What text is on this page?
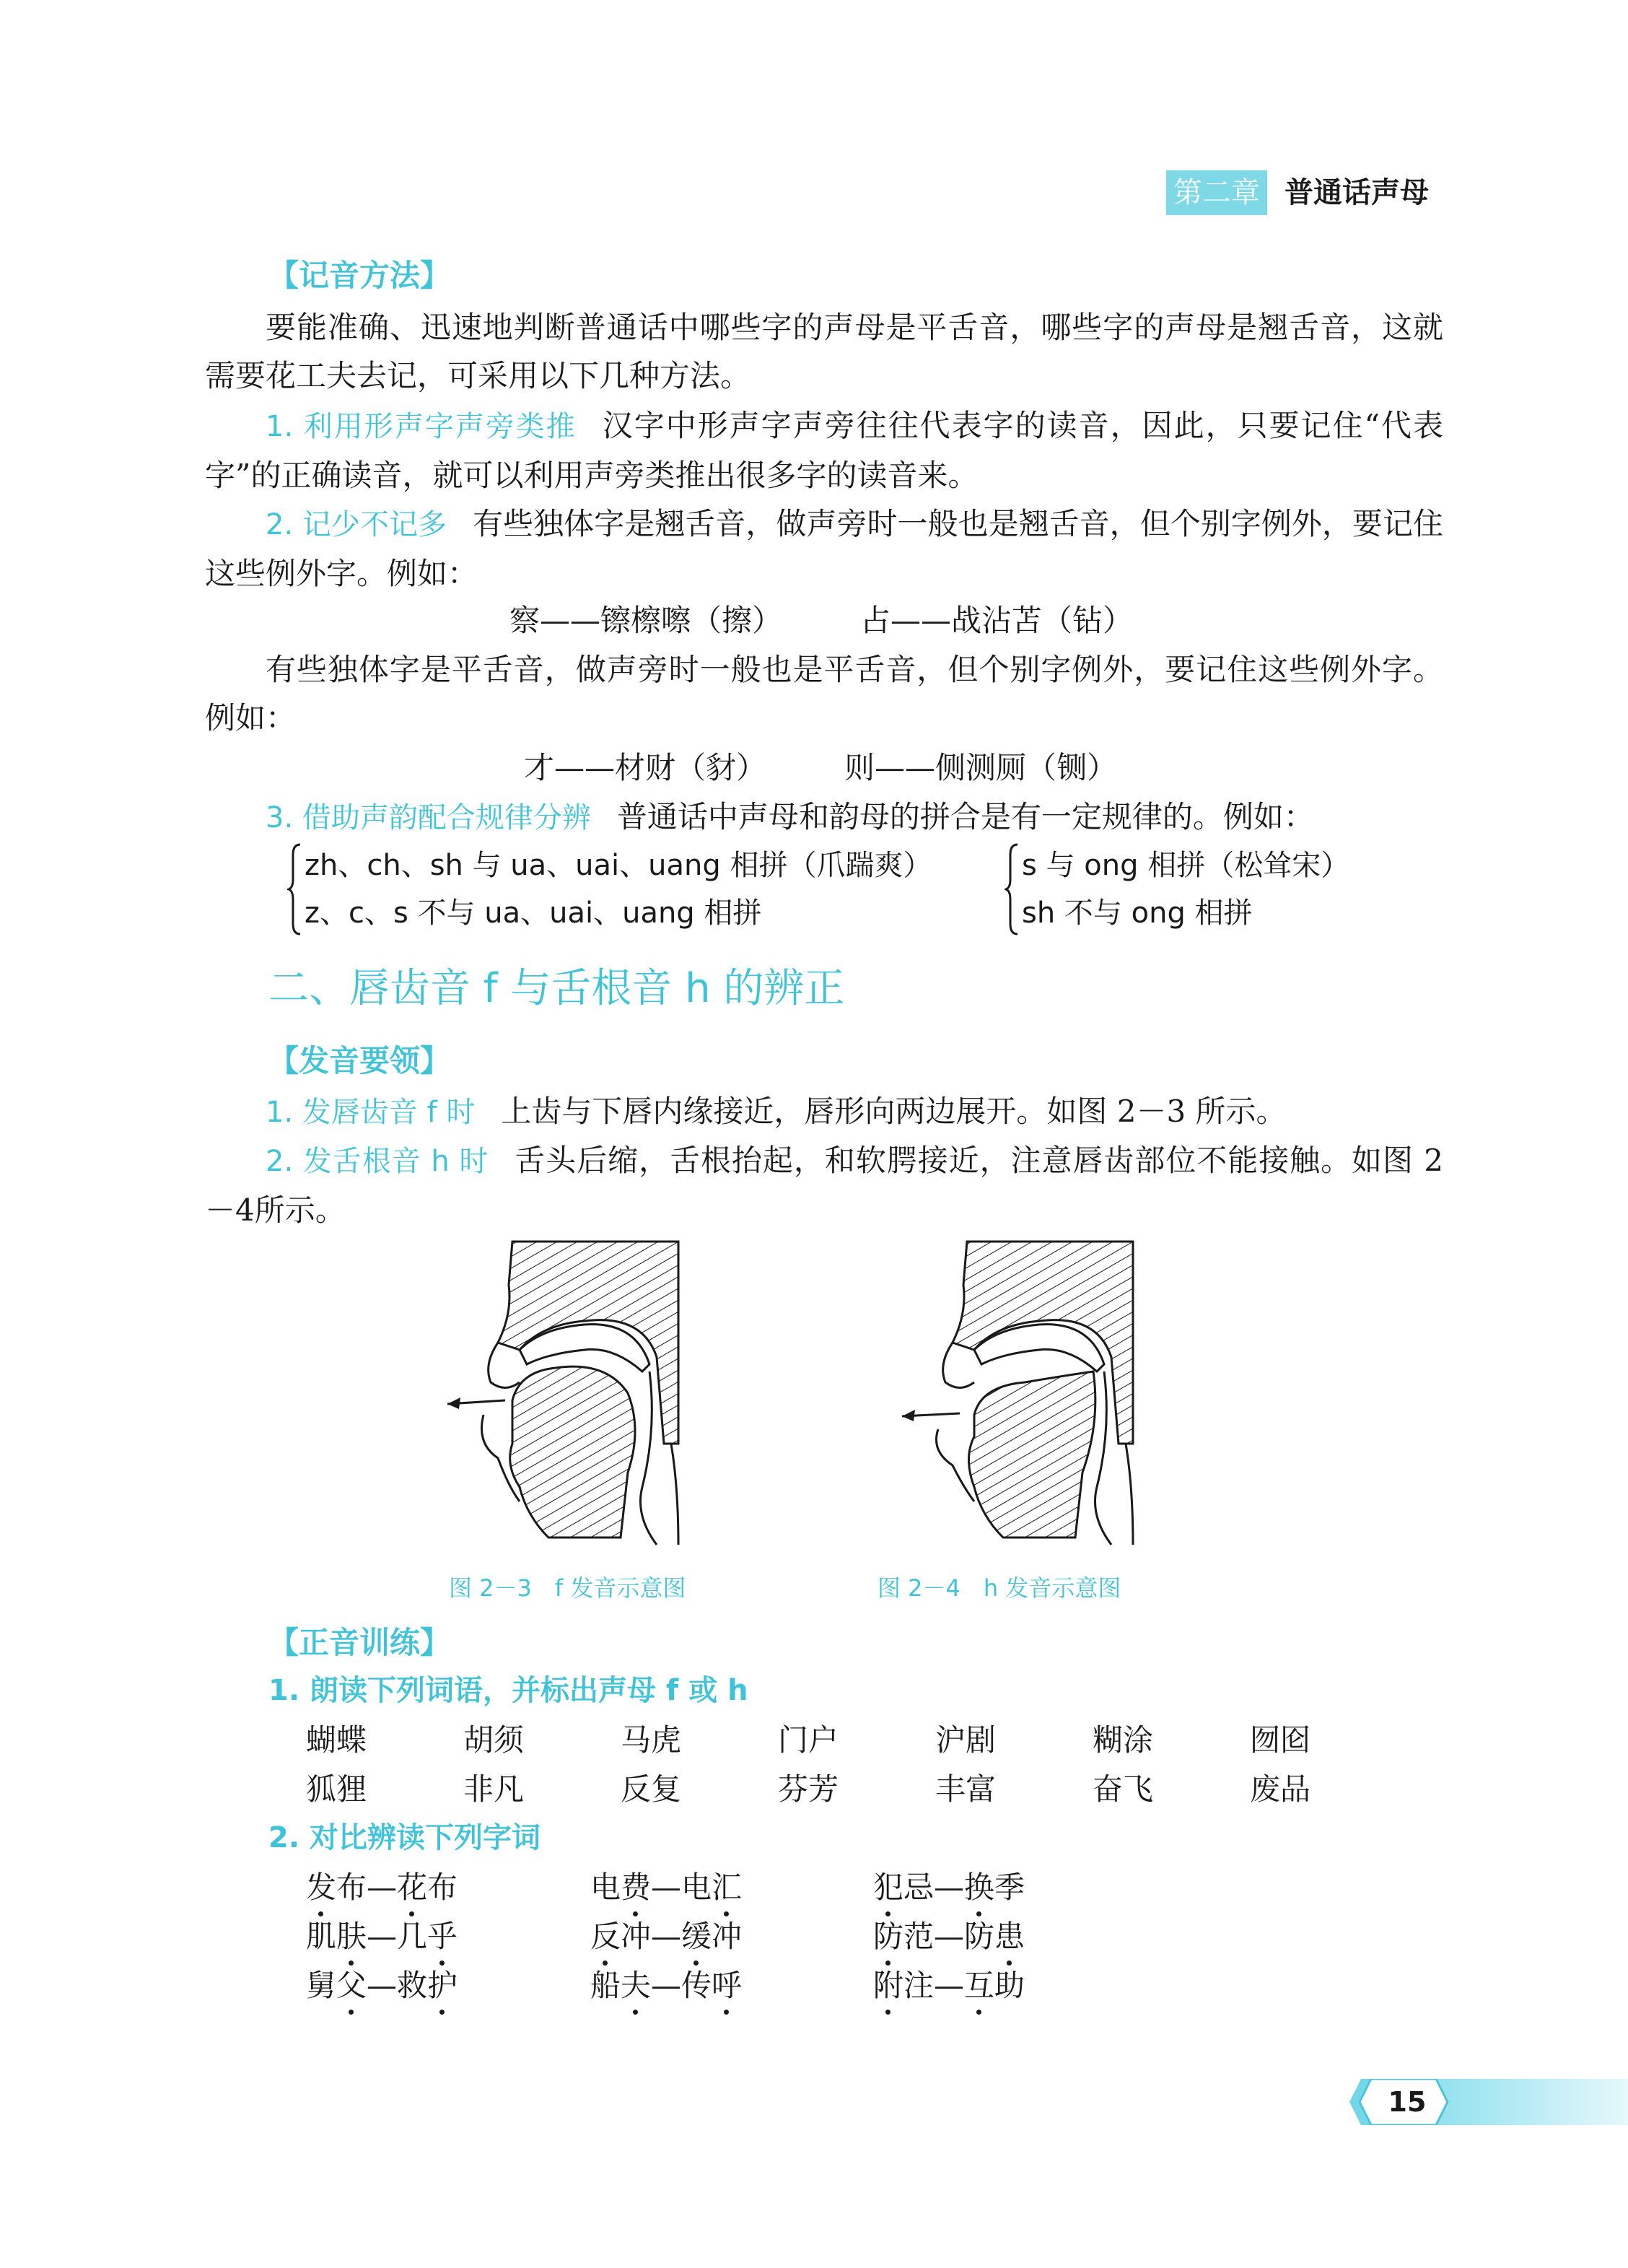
第二章 普通话声母
【记音方法】
要能准确、迅速地判断普通话中哪些字的声母是平舌音，哪些字的声母是翘舌音，这就需要花工夫去记，可采用以下几种方法。
1. 利用形声字声旁类推 汉字中形声字声旁往往代表字的读音，因此，只要记住“代表字”的正确读音，就可以利用声旁类推出很多字的读音来。
2. 记少不记多 有些独体字是翘舌音，做声旁时一般也是翘舌音，但个别字例外，要记住这些例外字。例如：
察——镲檫嚓（擦）	占——战沾苫（钻）
有些独体字是平舌音，做声旁时一般也是平舌音，但个别字例外，要记住这些例外字。例如：
才——材财（豺）	则——侧测厕（铡）
3. 借助声韵配合规律分辨 普通话中声母和韵母的拼合是有一定规律的。例如：
zh、ch、sh 与 ua、uai、uang 相拼（爪踹爽）
z、c、s 不与 ua、uai、uang 相拼
s 与 ong 相拼（松耸宋）
sh 不与 ong 相拼
二、唇齿音 f 与舌根音 h 的辨正
【发音要领】
1. 发唇齿音 f 时 上齿与下唇内缘接近，唇形向两边展开。如图 2－3 所示。
2. 发舌根音 h 时 舌头后缩，舌根抬起，和软腭接近，注意唇齿部位不能接触。如图 2－4所示。
图 2－3　f 发音示意图	图 2－4　h 发音示意图
【正音训练】
1. 朗读下列词语，并标出声母 f 或 h
蝴蝶	胡须	马虎	门户	沪剧	糊涂	囫囵
狐狸	非凡	反复	芬芳	丰富	奋飞	废品
2. 对比辨读下列字词
发布—花布	电费—电汇	犯忌—换季
肌肤—几乎	反冲—缓冲	防范—防患
舅父—救护	船夫—传呼	附注—互助
15
